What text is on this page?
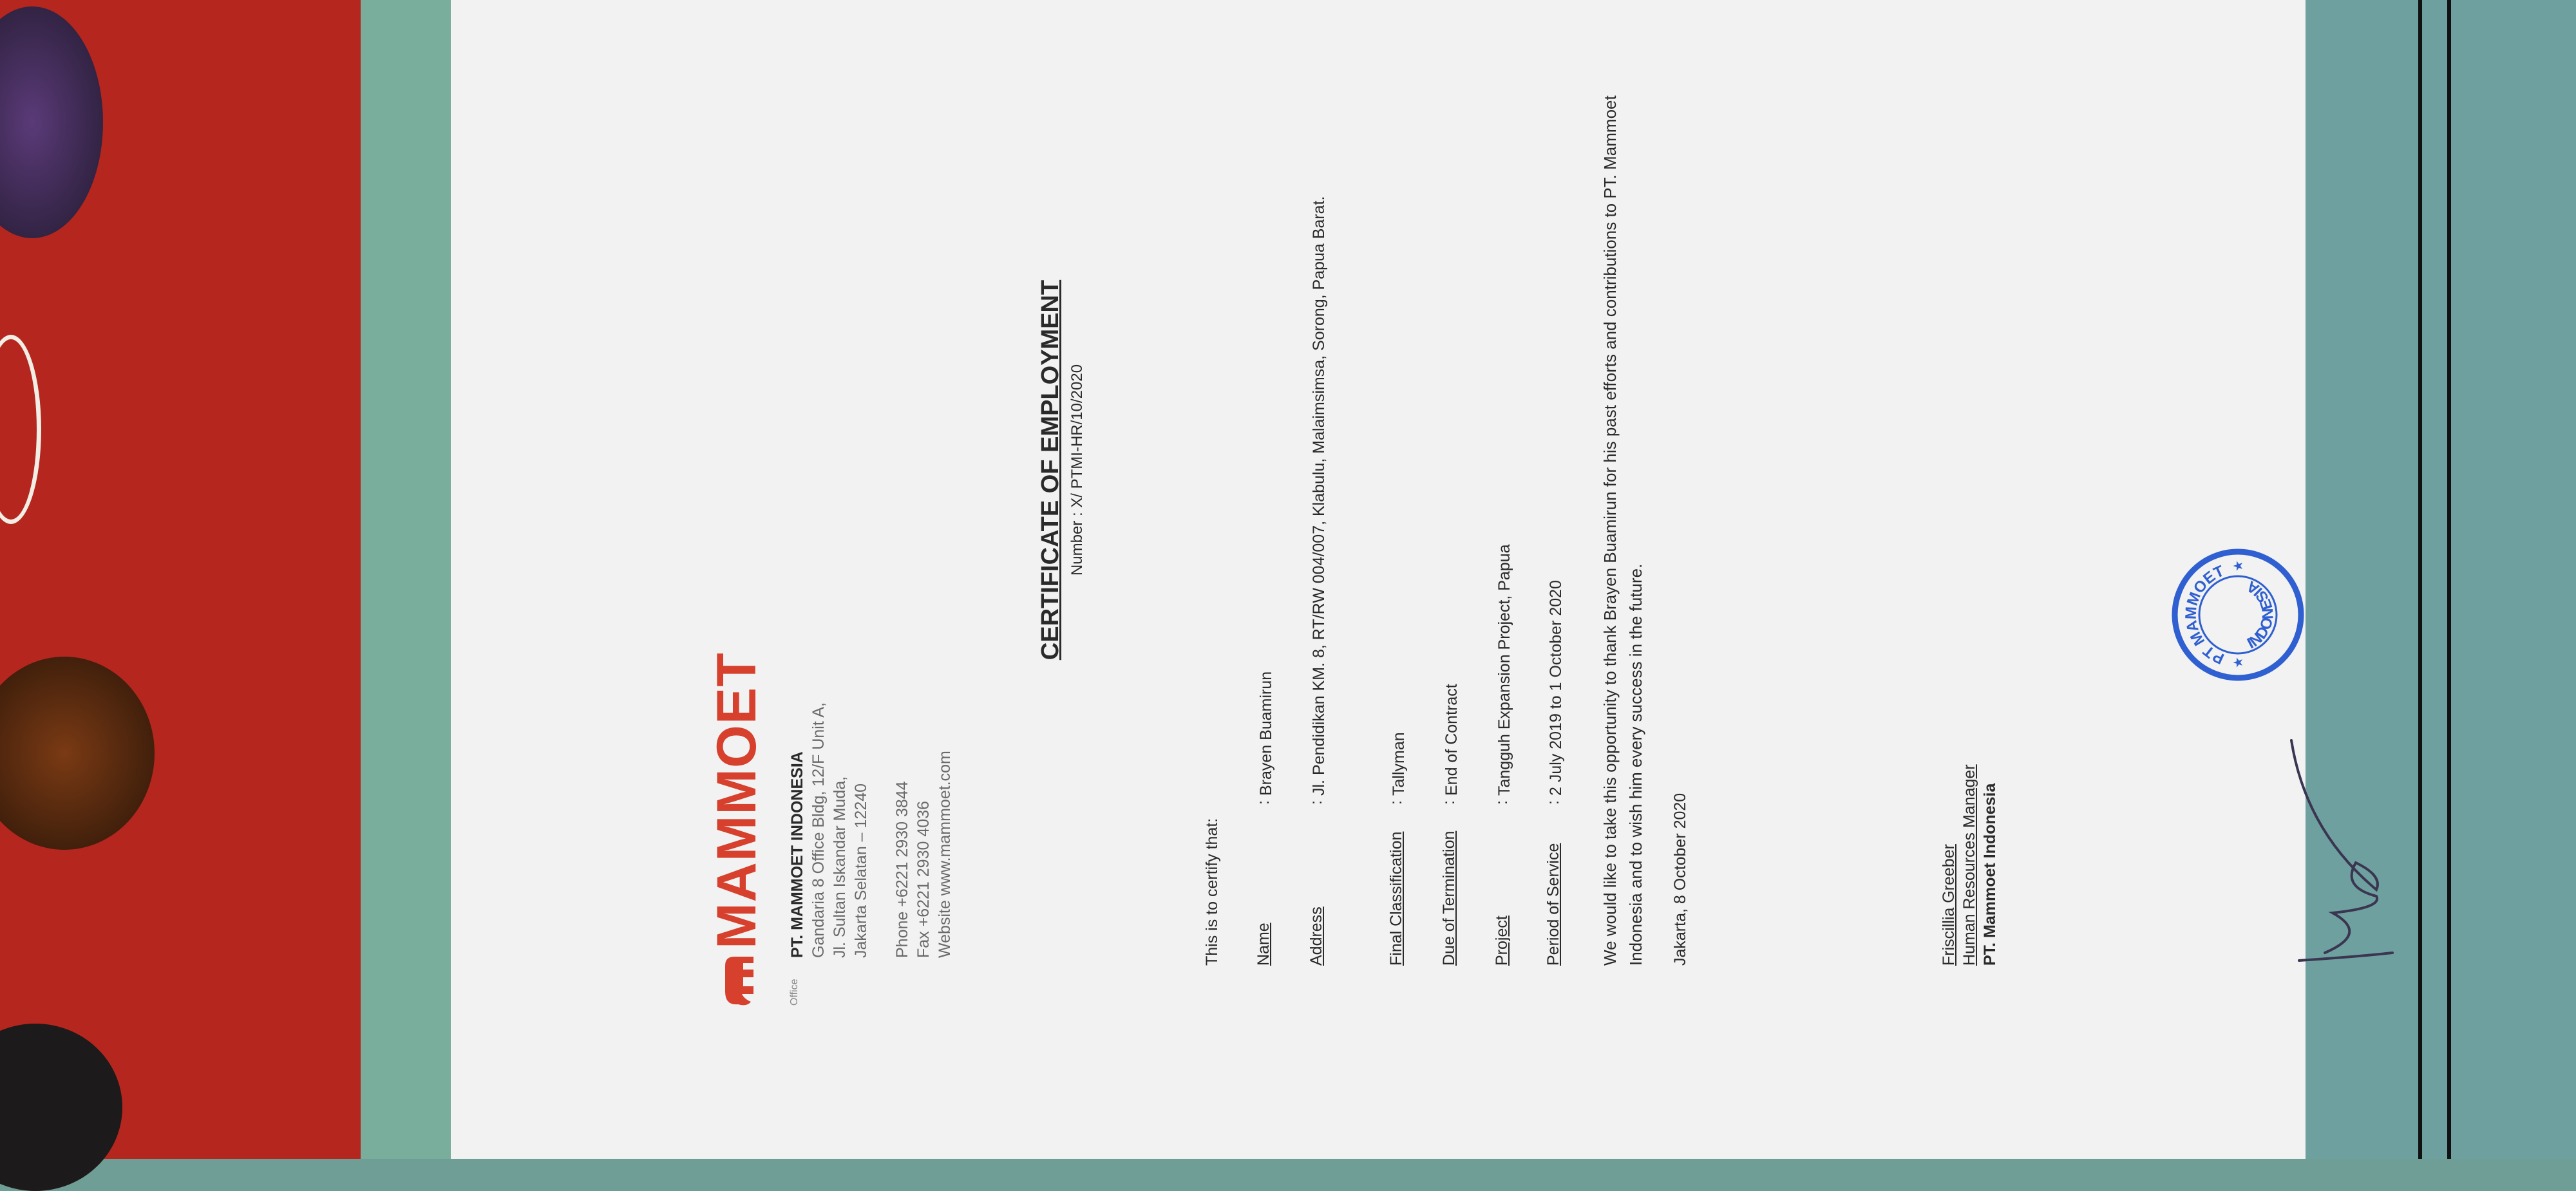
MAMMOET
Office
PT. MAMMOET INDONESIA Gandaria 8 Office Bldg, 12/F Unit A, Jl. Sultan Iskandar Muda, Jakarta Selatan – 12240 Phone +6221 2930 3844 Fax +6221 2930 4036 Website www.mammoet.com
CERTIFICATE OF EMPLOYMENT Number : X/ PTMI-HR/10/2020
This is to certify that: Name
:
Brayen Buamirun
Address
:
Jl. Pendidikan KM. 8, RT/RW 004/007, Klabulu, Malaimsimsa, Sorong, Papua Barat.
Final Classification
:
Tallyman
Due of Termination
:
End of Contract
Project
:
Tangguh Expansion Project, Papua
Period of Service
:
2 July 2019 to 1 October 2020 We would like to take this opportunity to thank Brayen Buamirun for his past efforts and contributions to PT. Mammoet Indonesia and to wish him every success in the future. Jakarta, 8 October 2020
PT MAMMOET
INDONESIA
★
★
Friscillia Greeber Human Resources Manager PT. Mammoet Indonesia
